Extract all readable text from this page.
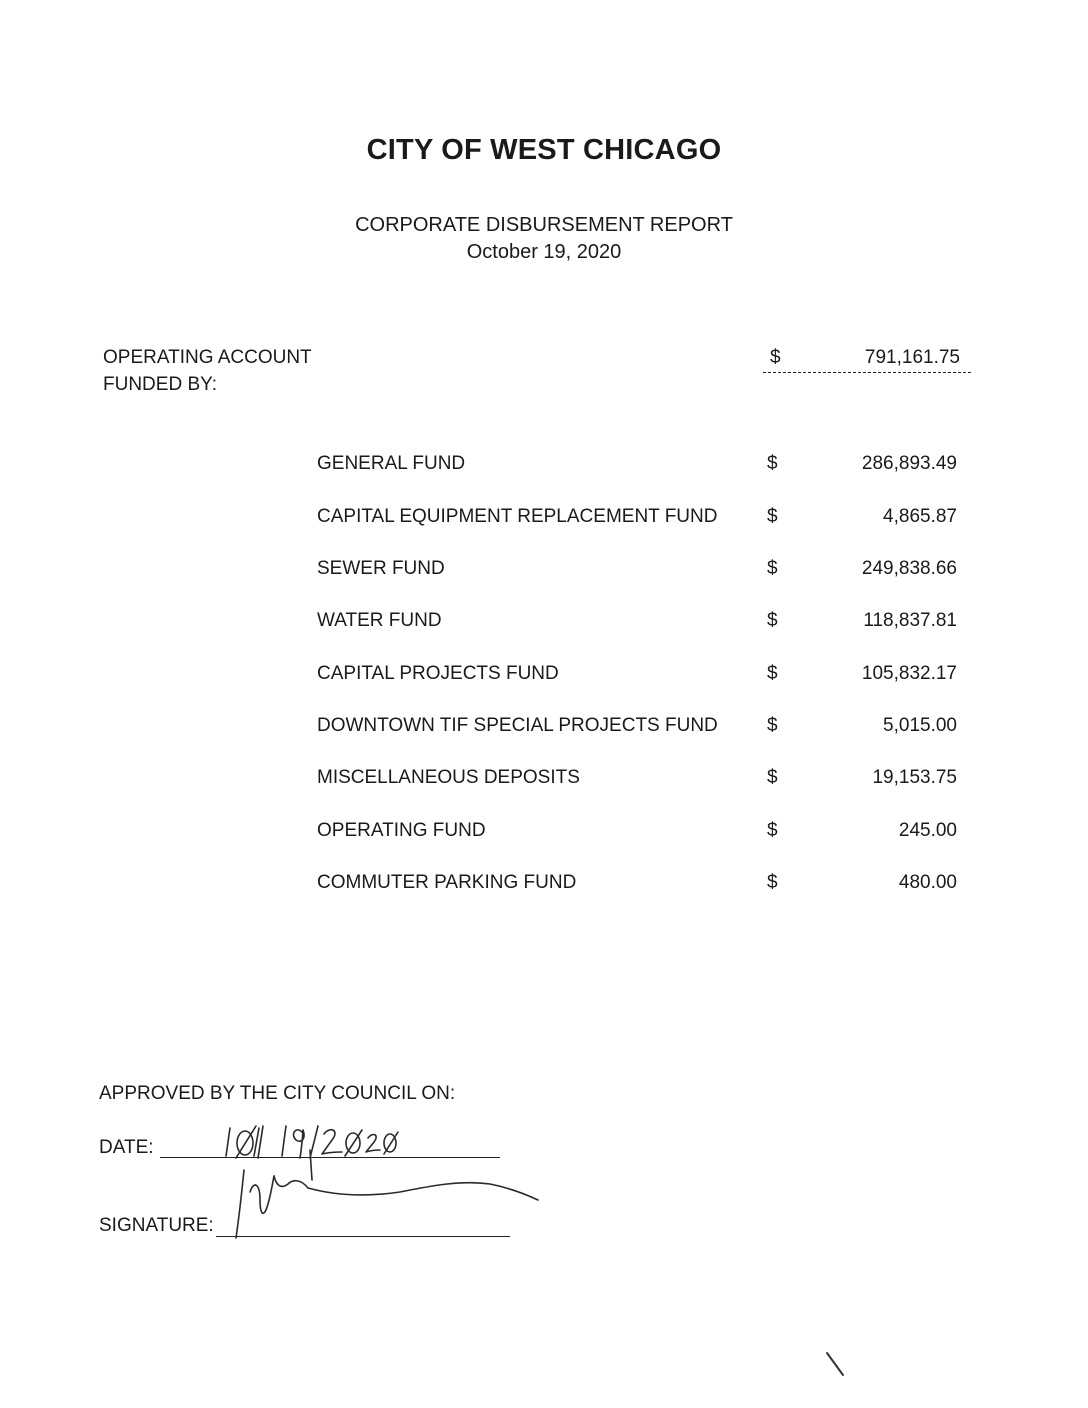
CITY OF WEST CHICAGO
CORPORATE DISBURSEMENT REPORT
October 19, 2020
OPERATING ACCOUNT
FUNDED BY:
$	791,161.75
GENERAL FUND	$	286,893.49
CAPITAL EQUIPMENT REPLACEMENT FUND	$	4,865.87
SEWER FUND	$	249,838.66
WATER FUND	$	118,837.81
CAPITAL PROJECTS FUND	$	105,832.17
DOWNTOWN TIF SPECIAL PROJECTS FUND	$	5,015.00
MISCELLANEOUS DEPOSITS	$	19,153.75
OPERATING FUND	$	245.00
COMMUTER PARKING FUND	$	480.00
APPROVED BY THE CITY COUNCIL ON:
DATE:
SIGNATURE:
